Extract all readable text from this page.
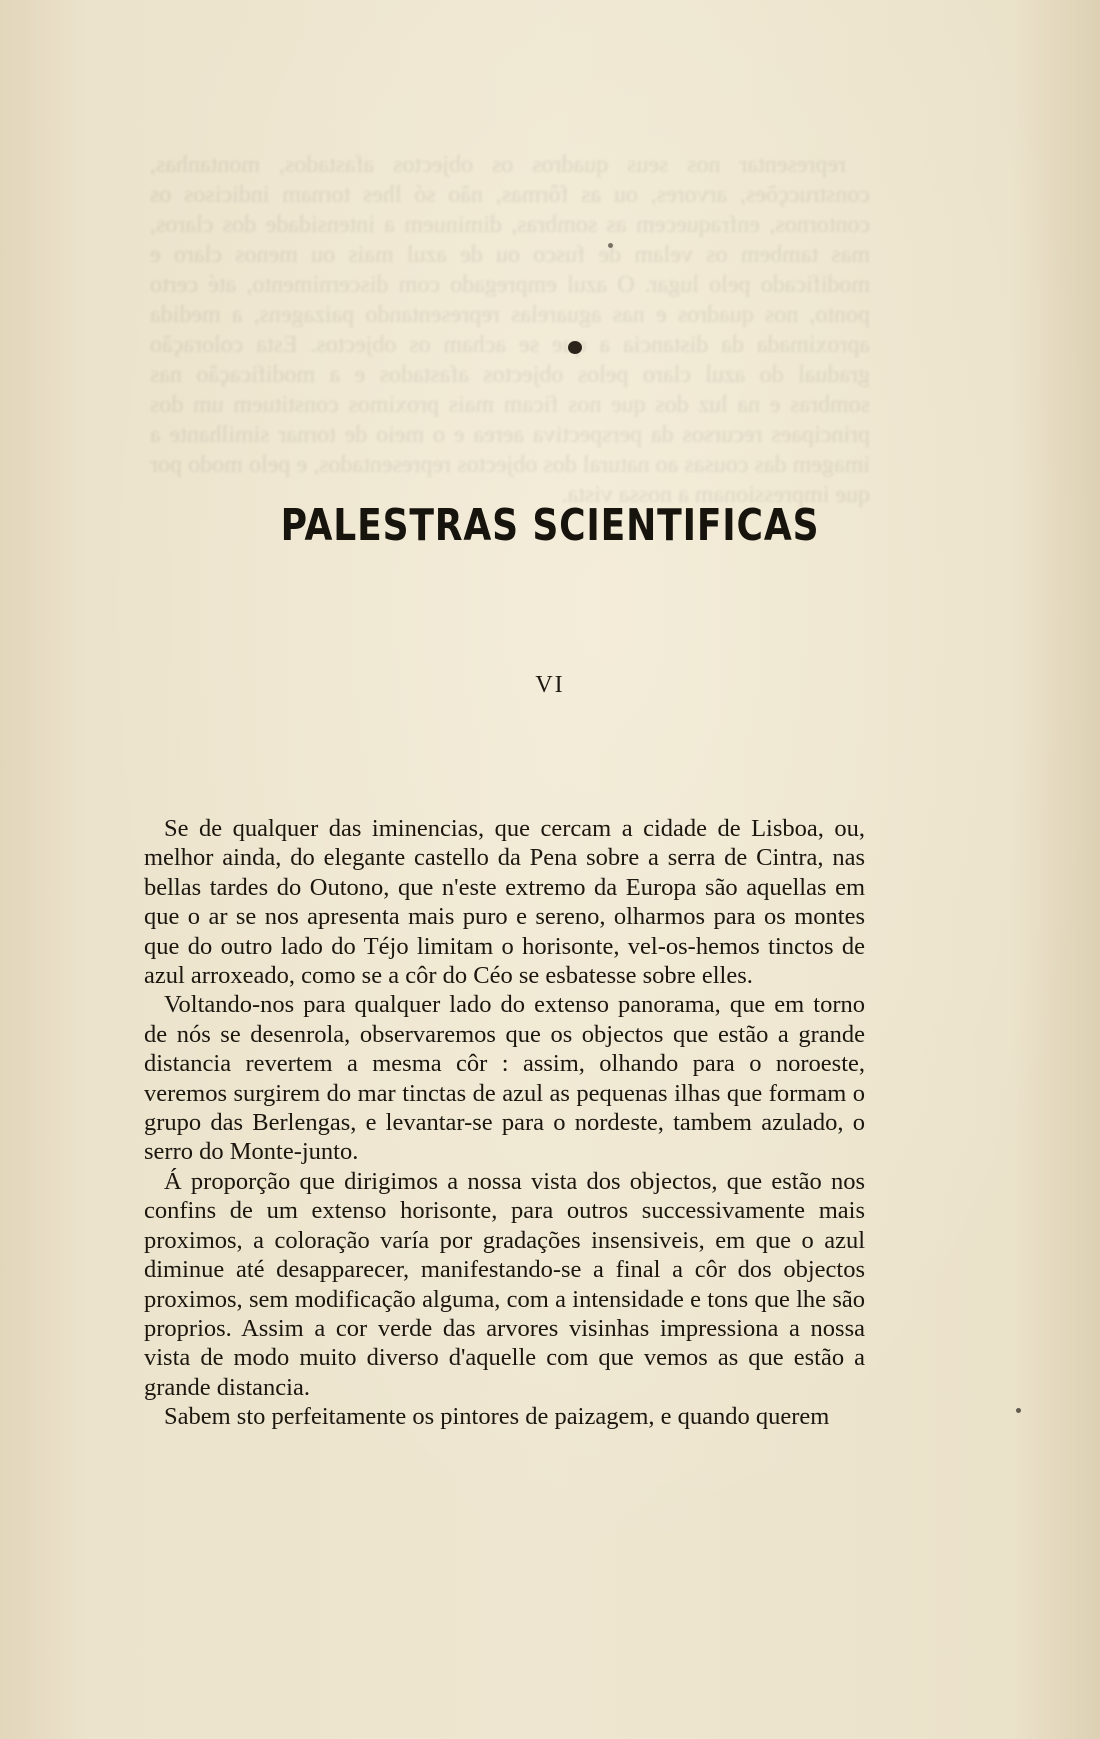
representar nos seus quadros os objectos afastados, montanhas, construcções, arvores, ou as fôrmas, não só lhes tornam indicisos os contornos, enfraquecem as sombras, diminuem a intensidade dos claros, mas tambem os velam de fusco ou de azul mais ou menos claro e modificado pelo lugar. O azul empregado com discernimento, até certo ponto, nos quadros e nas aguarelas representando paizagens, a medida aproximada da distancia a que se acham os objectos. Esta coloração gradual do azul claro pelos objectos afastados e a modificação nas sombras e na luz dos que nos ficam mais proximos constituem um dos principaes recursos da perspectiva aerea e o meio de tornar similhante a imagem das cousas ao natural dos objectos representados, e pelo modo por que impressionam a nossa vista.

PALESTRAS SCIENTIFICAS
VI

Se de qualquer das iminencias, que cercam a cidade de Lisboa, ou, melhor ainda, do elegante castello da Pena sobre a serra de Cintra, nas bellas tardes do Outono, que n'este extremo da Europa são aquellas em que o ar se nos apresenta mais puro e sereno, olharmos para os montes que do outro lado do Téjo limitam o horisonte, vel-os-hemos tinctos de azul arroxeado, como se a côr do Céo se esbatesse sobre elles.

Voltando-nos para qualquer lado do extenso panorama, que em torno de nós se desenrola, observaremos que os objectos que estão a grande distancia revertem a mesma côr : assim, olhando para o noroeste, veremos surgirem do mar tinctas de azul as pequenas ilhas que formam o grupo das Berlengas, e levantar-se para o nordeste, tambem azulado, o serro do Monte-junto.

Á proporção que dirigimos a nossa vista dos objectos, que estão nos confins de um extenso horisonte, para outros successivamente mais proximos, a coloração varía por gradações insensiveis, em que o azul diminue até desapparecer, manifestando-se a final a côr dos objectos proximos, sem modificação alguma, com a intensidade e tons que lhe são proprios. Assim a cor verde das arvores visinhas impressiona a nossa vista de modo muito diverso d'aquelle com que vemos as que estão a grande distancia.

Sabem sto perfeitamente os pintores de paizagem, e quando querem
